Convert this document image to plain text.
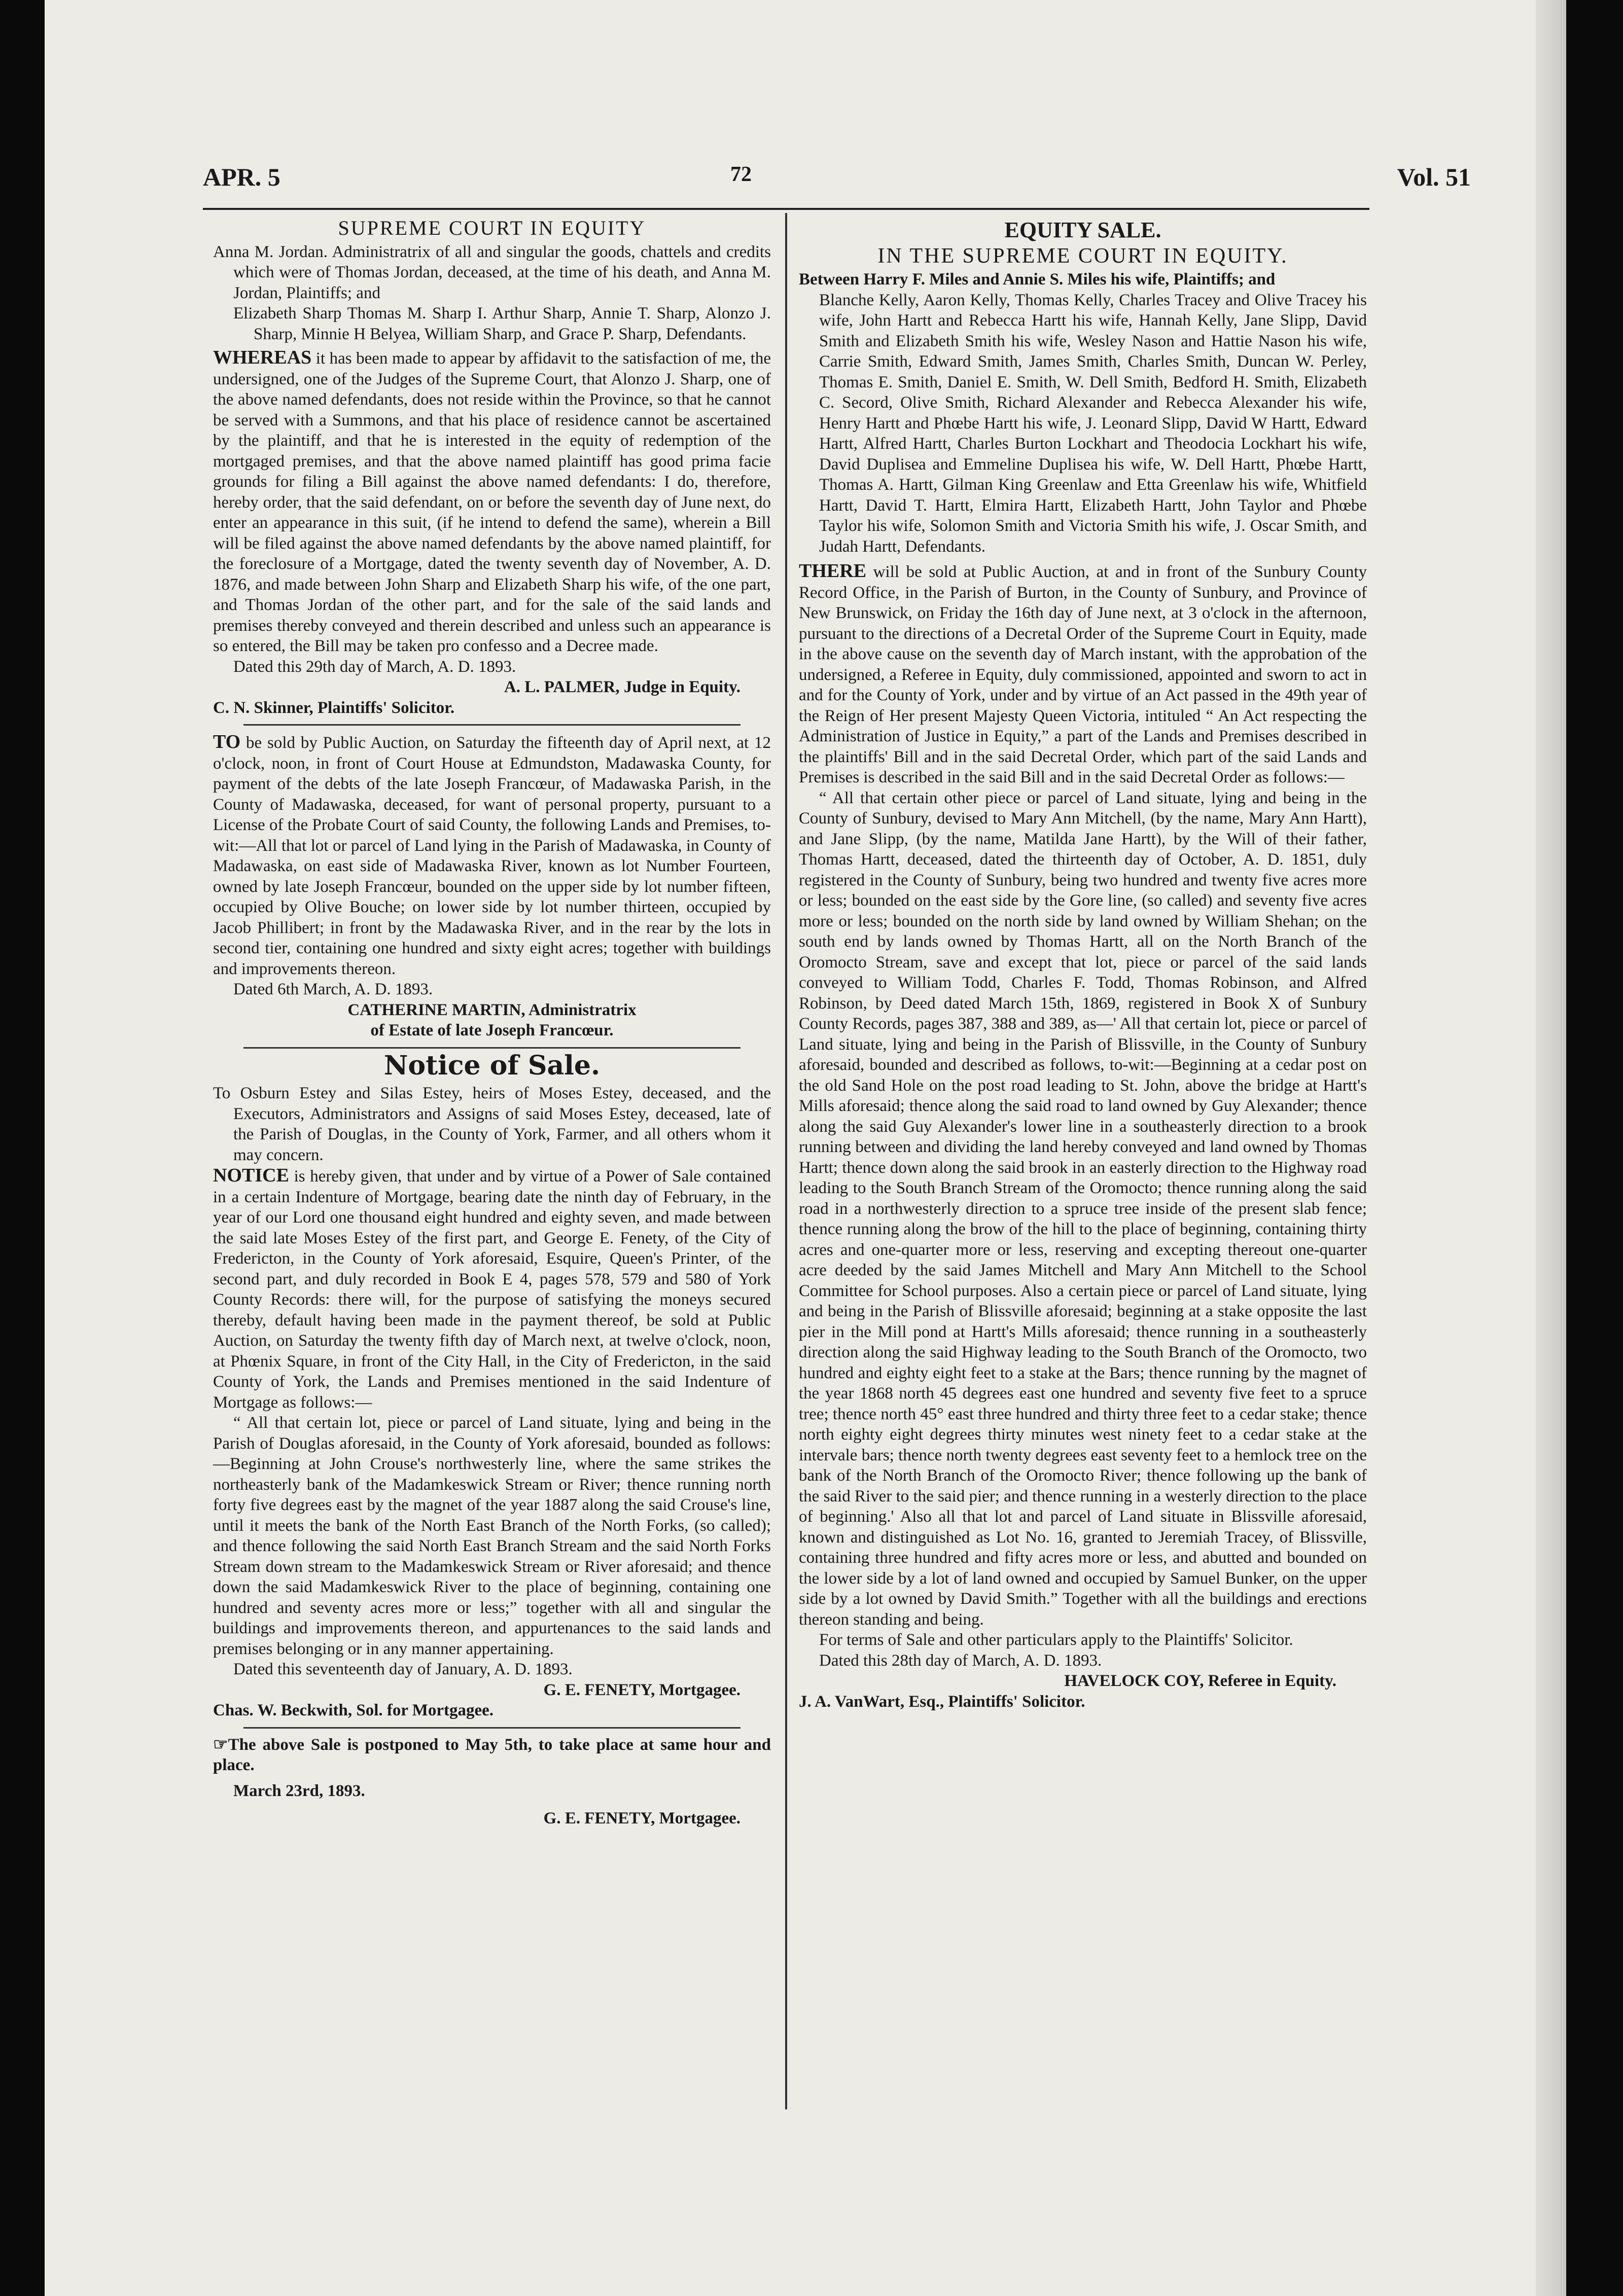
APR. 5	72	Vol. 51
SUPREME COURT IN EQUITY

Anna M. Jordan. Administratrix of all and singular the goods, chattels and credits which were of Thomas Jordan, deceased, at the time of his death, and Anna M. Jordan, Plaintiffs; and

Elizabeth Sharp Thomas M. Sharp I. Arthur Sharp, Annie T. Sharp, Alonzo J. Sharp, Minnie H Belyea, William Sharp, and Grace P. Sharp, Defendants.

WHEREAS it has been made to appear by affidavit to the satisfaction of me, the undersigned, one of the Judges of the Supreme Court, that Alonzo J. Sharp, one of the above named defendants, does not reside within the Province, so that he cannot be served with a Summons, and that his place of residence cannot be ascertained by the plaintiff, and that he is interested in the equity of redemption of the mortgaged premises, and that the above named plaintiff has good prima facie grounds for filing a Bill against the above named defendants: I do, therefore, hereby order, that the said defendant, on or before the seventh day of June next, do enter an appearance in this suit, (if he intend to defend the same), wherein a Bill will be filed against the above named defendants by the above named plaintiff, for the foreclosure of a Mortgage, dated the twenty seventh day of November, A. D. 1876, and made between John Sharp and Elizabeth Sharp his wife, of the one part, and Thomas Jordan of the other part, and for the sale of the said lands and premises thereby conveyed and therein described and unless such an appearance is so entered, the Bill may be taken pro confesso and a Decree made.

Dated this 29th day of March, A. D. 1893.

A. L. PALMER, Judge in Equity.

C. N. Skinner, Plaintiffs' Solicitor.

TO be sold by Public Auction, on Saturday the fifteenth day of April next, at 12 o'clock, noon, in front of Court House at Edmundston, Madawaska County, for payment of the debts of the late Joseph Francœur, of Madawaska Parish, in the County of Madawaska, deceased, for want of personal property, pursuant to a License of the Probate Court of said County, the following Lands and Premises, to-wit:—All that lot or parcel of Land lying in the Parish of Madawaska, in County of Madawaska, on east side of Madawaska River, known as lot Number Fourteen, owned by late Joseph Francœur, bounded on the upper side by lot number fifteen, occupied by Olive Bouche; on lower side by lot number thirteen, occupied by Jacob Phillibert; in front by the Madawaska River, and in the rear by the lots in second tier, containing one hundred and sixty eight acres; together with buildings and improvements thereon.

Dated 6th March, A. D. 1893.

CATHERINE MARTIN, Administratrix

of Estate of late Joseph Francœur.

Notice of Sale.

To Osburn Estey and Silas Estey, heirs of Moses Estey, deceased, and the Executors, Administrators and Assigns of said Moses Estey, deceased, late of the Parish of Douglas, in the County of York, Farmer, and all others whom it may concern.

NOTICE is hereby given, that under and by virtue of a Power of Sale contained in a certain Indenture of Mortgage, bearing date the ninth day of February, in the year of our Lord one thousand eight hundred and eighty seven, and made between the said late Moses Estey of the first part, and George E. Fenety, of the City of Fredericton, in the County of York aforesaid, Esquire, Queen's Printer, of the second part, and duly recorded in Book E 4, pages 578, 579 and 580 of York County Records: there will, for the purpose of satisfying the moneys secured thereby, default having been made in the payment thereof, be sold at Public Auction, on Saturday the twenty fifth day of March next, at twelve o'clock, noon, at Phœnix Square, in front of the City Hall, in the City of Fredericton, in the said County of York, the Lands and Premises mentioned in the said Indenture of Mortgage as follows:—

“ All that certain lot, piece or parcel of Land situate, lying and being in the Parish of Douglas aforesaid, in the County of York aforesaid, bounded as follows:—Beginning at John Crouse's northwesterly line, where the same strikes the northeasterly bank of the Madamkeswick Stream or River; thence running north forty five degrees east by the magnet of the year 1887 along the said Crouse's line, until it meets the bank of the North East Branch of the North Forks, (so called); and thence following the said North East Branch Stream and the said North Forks Stream down stream to the Madamkeswick Stream or River aforesaid; and thence down the said Madamkeswick River to the place of beginning, containing one hundred and seventy acres more or less;” together with all and singular the buildings and improvements thereon, and appurtenances to the said lands and premises belonging or in any manner appertaining.

Dated this seventeenth day of January, A. D. 1893.

G. E. FENETY, Mortgagee.

Chas. W. Beckwith, Sol. for Mortgagee.

☞The above Sale is postponed to May 5th, to take place at same hour and place.

March 23rd, 1893.

G. E. FENETY, Mortgagee.

EQUITY SALE.
IN THE SUPREME COURT IN EQUITY.

Between Harry F. Miles and Annie S. Miles his wife, Plaintiffs; and

Blanche Kelly, Aaron Kelly, Thomas Kelly, Charles Tracey and Olive Tracey his wife, John Hartt and Rebecca Hartt his wife, Hannah Kelly, Jane Slipp, David Smith and Elizabeth Smith his wife, Wesley Nason and Hattie Nason his wife, Carrie Smith, Edward Smith, James Smith, Charles Smith, Duncan W. Perley, Thomas E. Smith, Daniel E. Smith, W. Dell Smith, Bedford H. Smith, Elizabeth C. Secord, Olive Smith, Richard Alexander and Rebecca Alexander his wife, Henry Hartt and Phœbe Hartt his wife, J. Leonard Slipp, David W Hartt, Edward Hartt, Alfred Hartt, Charles Burton Lockhart and Theodocia Lockhart his wife, David Duplisea and Emmeline Duplisea his wife, W. Dell Hartt, Phœbe Hartt, Thomas A. Hartt, Gilman King Greenlaw and Etta Greenlaw his wife, Whitfield Hartt, David T. Hartt, Elmira Hartt, Elizabeth Hartt, John Taylor and Phœbe Taylor his wife, Solomon Smith and Victoria Smith his wife, J. Oscar Smith, and Judah Hartt, Defendants.

THERE will be sold at Public Auction, at and in front of the Sunbury County Record Office, in the Parish of Burton, in the County of Sunbury, and Province of New Brunswick, on Friday the 16th day of June next, at 3 o'clock in the afternoon, pursuant to the directions of a Decretal Order of the Supreme Court in Equity, made in the above cause on the seventh day of March instant, with the approbation of the undersigned, a Referee in Equity, duly commissioned, appointed and sworn to act in and for the County of York, under and by virtue of an Act passed in the 49th year of the Reign of Her present Majesty Queen Victoria, intituled “ An Act respecting the Administration of Justice in Equity,” a part of the Lands and Premises described in the plaintiffs' Bill and in the said Decretal Order, which part of the said Lands and Premises is described in the said Bill and in the said Decretal Order as follows:—

“ All that certain other piece or parcel of Land situate, lying and being in the County of Sunbury, devised to Mary Ann Mitchell, (by the name, Mary Ann Hartt), and Jane Slipp, (by the name, Matilda Jane Hartt), by the Will of their father, Thomas Hartt, deceased, dated the thirteenth day of October, A. D. 1851, duly registered in the County of Sunbury, being two hundred and twenty five acres more or less; bounded on the east side by the Gore line, (so called) and seventy five acres more or less; bounded on the north side by land owned by William Shehan; on the south end by lands owned by Thomas Hartt, all on the North Branch of the Oromocto Stream, save and except that lot, piece or parcel of the said lands conveyed to William Todd, Charles F. Todd, Thomas Robinson, and Alfred Robinson, by Deed dated March 15th, 1869, registered in Book X of Sunbury County Records, pages 387, 388 and 389, as—' All that certain lot, piece or parcel of Land situate, lying and being in the Parish of Blissville, in the County of Sunbury aforesaid, bounded and described as follows, to-wit:—Beginning at a cedar post on the old Sand Hole on the post road leading to St. John, above the bridge at Hartt's Mills aforesaid; thence along the said road to land owned by Guy Alexander; thence along the said Guy Alexander's lower line in a southeasterly direction to a brook running between and dividing the land hereby conveyed and land owned by Thomas Hartt; thence down along the said brook in an easterly direction to the Highway road leading to the South Branch Stream of the Oromocto; thence running along the said road in a northwesterly direction to a spruce tree inside of the present slab fence; thence running along the brow of the hill to the place of beginning, containing thirty acres and one-quarter more or less, reserving and excepting thereout one-quarter acre deeded by the said James Mitchell and Mary Ann Mitchell to the School Committee for School purposes. Also a certain piece or parcel of Land situate, lying and being in the Parish of Blissville aforesaid; beginning at a stake opposite the last pier in the Mill pond at Hartt's Mills aforesaid; thence running in a southeasterly direction along the said Highway leading to the South Branch of the Oromocto, two hundred and eighty eight feet to a stake at the Bars; thence running by the magnet of the year 1868 north 45 degrees east one hundred and seventy five feet to a spruce tree; thence north 45° east three hundred and thirty three feet to a cedar stake; thence north eighty eight degrees thirty minutes west ninety feet to a cedar stake at the intervale bars; thence north twenty degrees east seventy feet to a hemlock tree on the bank of the North Branch of the Oromocto River; thence following up the bank of the said River to the said pier; and thence running in a westerly direction to the place of beginning.' Also all that lot and parcel of Land situate in Blissville aforesaid, known and distinguished as Lot No. 16, granted to Jeremiah Tracey, of Blissville, containing three hundred and fifty acres more or less, and abutted and bounded on the lower side by a lot of land owned and occupied by Samuel Bunker, on the upper side by a lot owned by David Smith.” Together with all the buildings and erections thereon standing and being.

For terms of Sale and other particulars apply to the Plaintiffs' Solicitor.

Dated this 28th day of March, A. D. 1893.

HAVELOCK COY, Referee in Equity.

J. A. VanWart, Esq., Plaintiffs' Solicitor.
